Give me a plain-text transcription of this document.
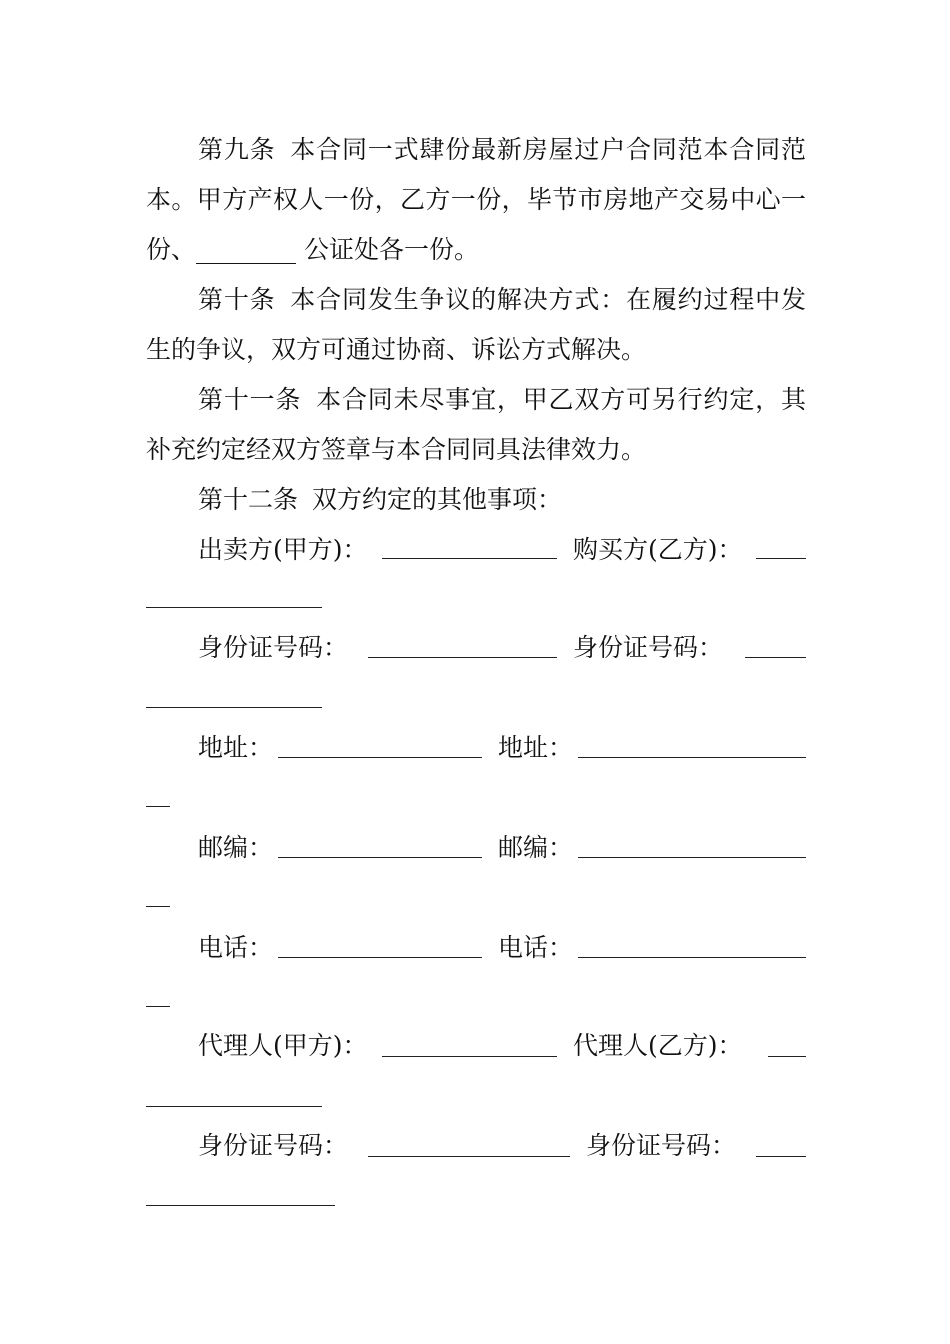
第九条 本合同一式肆份最新房屋过户合同范本合同范本。甲方产权人一份，乙方一份，毕节市房地产交易中心一份、________ 公证处各一份。

第十条 本合同发生争议的解决方式：在履约过程中发生的争议，双方可通过协商、诉讼方式解决。

第十一条 本合同未尽事宜，甲乙双方可另行约定，其补充约定经双方签章与本合同同具法律效力。

第十二条 双方约定的其他事项：

出卖方(甲方)：	购买方(乙方)：
身份证号码：	身份证号码：
地址：	地址：
邮编：	邮编：
电话：	电话：
代理人(甲方)：	代理人(乙方)：
身份证号码：	身份证号码：
